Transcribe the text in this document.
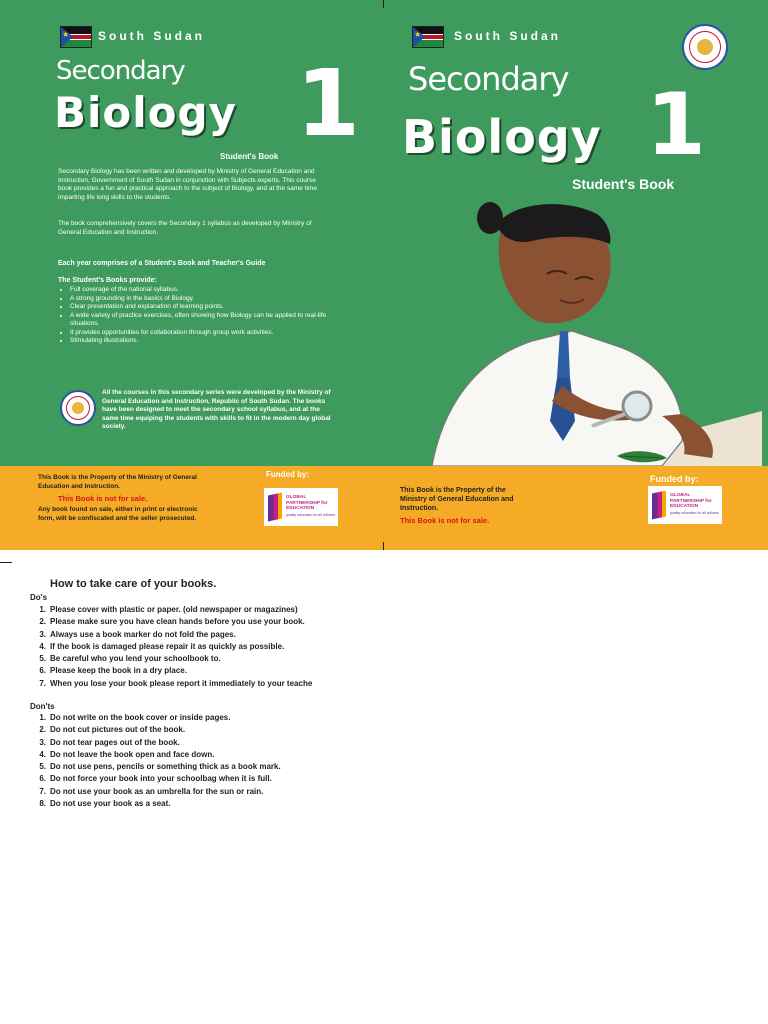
★ South Sudan
Secondary
Biology 1
Student's Book

Secondary Biology has been written and developed by Ministry of General Education and Instruction, Government of South Sudan in conjunction with Subjects experts. This course book provides a fun and practical approach to the subject of Biology, and at the same time imparting life long skills to the students.

The book comprehensively covers the Secondary 1 syllabus as developed by Ministry of General Education and Instruction.

Each year comprises of a Student's Book and Teacher's Guide

The Student's Books provide:

• Full coverage of the national syllabus.
• A strong grounding in the basics of Biology.
• Clear presentation and explanation of learning points.
• A wide variety of practice exercises, often showing how Biology can be applied to real-life situations.
• It provides opportunities for collaboration through group work activities.
• Stimulating illustrations.

All the courses in this secondary series were developed by the Ministry of General Education and Instruction, Republic of South Sudan. The books have been designed to meet the secondary school syllabus, and at the same time equiping the students with skills to fit in the modern day global society.

★	South Sudan
Secondary
Biology 1
Student's Book

This Book is the Property of the Ministry of General Education and Instruction.

This Book is not for sale.

Any book found on sale, either in print or electronic form, will be confiscated and the seller prosecuted.

Funded by:
GLOBAL PARTNERSHIP for EDUCATION
quality education for all children

This Book is the Property of the Ministry of General Education and Instruction.

This Book is not for sale.

Funded by:
GLOBAL PARTNERSHIP for EDUCATION
quality education for all children
How to take care of your books.
Do's
1. Please cover with plastic or paper. (old newspaper or magazines)
2. Please make sure you have clean hands before you use your book.
3. Always use a book marker do not fold the pages.
4. If the book is damaged please repair it as quickly as possible.
5. Be careful who you lend your schoolbook to.
6. Please keep the book in a dry place.
7. When you lose your book please report it immediately to your teache
Don'ts
1. Do not write on the book cover or inside pages.
2. Do not cut pictures out of the book.
3. Do not tear pages out of the book.
4. Do not leave the book open and face down.
5. Do not use pens, pencils or something thick as a book mark.
6. Do not force your book into your schoolbag when it is full.
7. Do not use your book as an umbrella for the sun or rain.
8. Do not use your book as a seat.
